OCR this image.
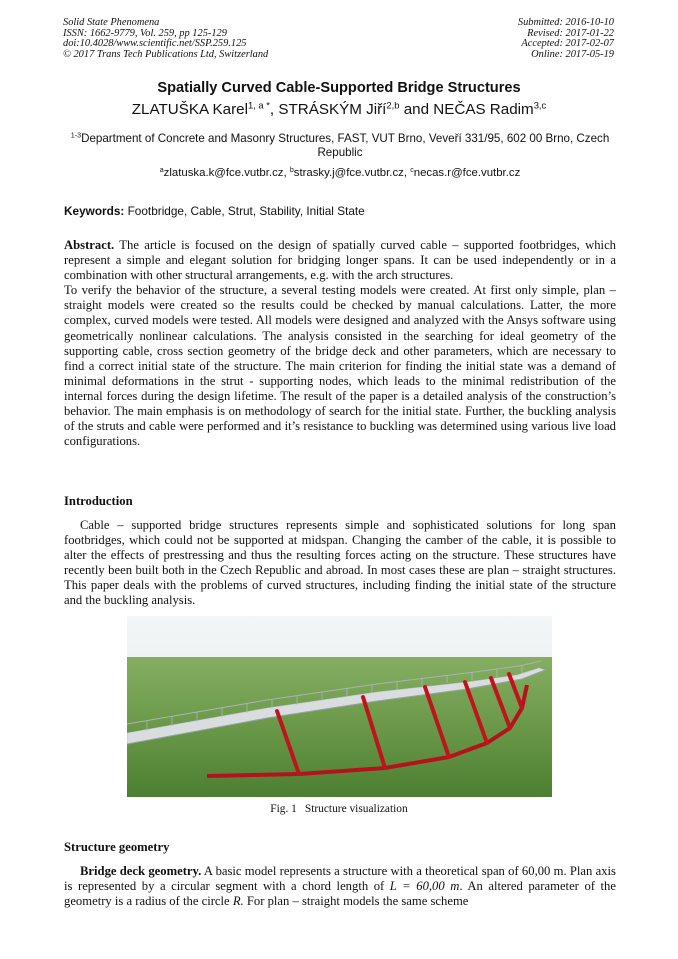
Solid State Phenomena
ISSN: 1662-9779, Vol. 259, pp 125-129
doi:10.4028/www.scientific.net/SSP.259.125
© 2017 Trans Tech Publications Ltd, Switzerland
Submitted: 2016-10-10
Revised: 2017-01-22
Accepted: 2017-02-07
Online: 2017-05-19
Spatially Curved Cable-Supported Bridge Structures
ZLATUŠKA Karel$^{1, a *}$, STRÁSKÝM Jiří$^{2,b}$ and NEČAS Radim$^{3,c}$
$^{1-3}$Department of Concrete and Masonry Structures, FAST, VUT Brno, Veveří 331/95, 602 00 Brno, Czech Republic
$^a$zlatuska.k@fce.vutbr.cz, $^b$strasky.j@fce.vutbr.cz, $^c$necas.r@fce.vutbr.cz
Keywords: Footbridge, Cable, Strut, Stability, Initial State
Abstract. The article is focused on the design of spatially curved cable – supported footbridges, which represent a simple and elegant solution for bridging longer spans. It can be used independently or in a combination with other structural arrangements, e.g. with the arch structures.
To verify the behavior of the structure, a several testing models were created. At first only simple, plan – straight models were created so the results could be checked by manual calculations. Latter, the more complex, curved models were tested. All models were designed and analyzed with the Ansys software using geometrically nonlinear calculations. The analysis consisted in the searching for ideal geometry of the supporting cable, cross section geometry of the bridge deck and other parameters, which are necessary to find a correct initial state of the structure. The main criterion for finding the initial state was a demand of minimal deformations in the strut - supporting nodes, which leads to the minimal redistribution of the internal forces during the design lifetime. The result of the paper is a detailed analysis of the construction’s behavior. The main emphasis is on methodology of search for the initial state. Further, the buckling analysis of the struts and cable were performed and it’s resistance to buckling was determined using various live load configurations.
Introduction
Cable – supported bridge structures represents simple and sophisticated solutions for long span footbridges, which could not be supported at midspan. Changing the camber of the cable, it is possible to alter the effects of prestressing and thus the resulting forces acting on the structure. These structures have recently been built both in the Czech Republic and abroad. In most cases these are plan – straight structures. This paper deals with the problems of curved structures, including finding the initial state of the structure and the buckling analysis.
Fig. 1 Structure visualization
Structure geometry
Bridge deck geometry. A basic model represents a structure with a theoretical span of 60,00 m. Plan axis is represented by a circular segment with a chord length of L = 60,00 m. An altered parameter of the geometry is a radius of the circle R. For plan – straight models the same scheme
